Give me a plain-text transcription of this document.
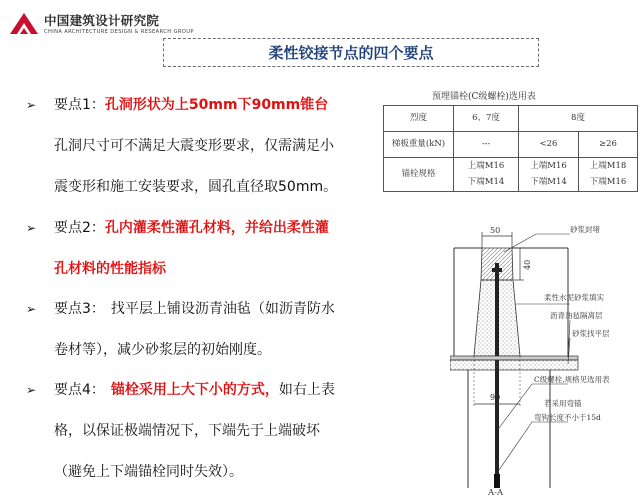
中国建筑设计研究院
CHINA ARCHITECTURE DESIGN & RESEARCH GROUP
柔性铰接节点的四个要点
➢ 要点1：孔洞形状为上50mm下90mm锥台
孔洞尺寸可不满足大震变形要求，仅需满足小
震变形和施工安装要求，圆孔直径取50mm。
➢ 要点2：孔内灌柔性灌孔材料，并给出柔性灌
孔材料的性能指标
➢ 要点3： 找平层上铺设沥青油毡（如沥青防水
卷材等），减少砂浆层的初始刚度。
➢ 要点4： 锚栓采用上大下小的方式，如右上表
格，以保证极端情况下，下端先于上端破坏
（避免上下端锚栓同时失效）。
预埋锚栓(C级螺栓)选用表
烈度	6、7度	8度	
梯板重量(kN)	---	<26	≥26
锚栓规格	上端M16	上端M16	上端M18
	下端M14	下端M14	下端M16
50
40
90
砂浆封堵
柔性水泥砂浆填实
沥青油毡隔离层
砂浆找平层
C级螺栓,规格见选用表
若采用弯锚
弯钩长度不小于15d
A-A
